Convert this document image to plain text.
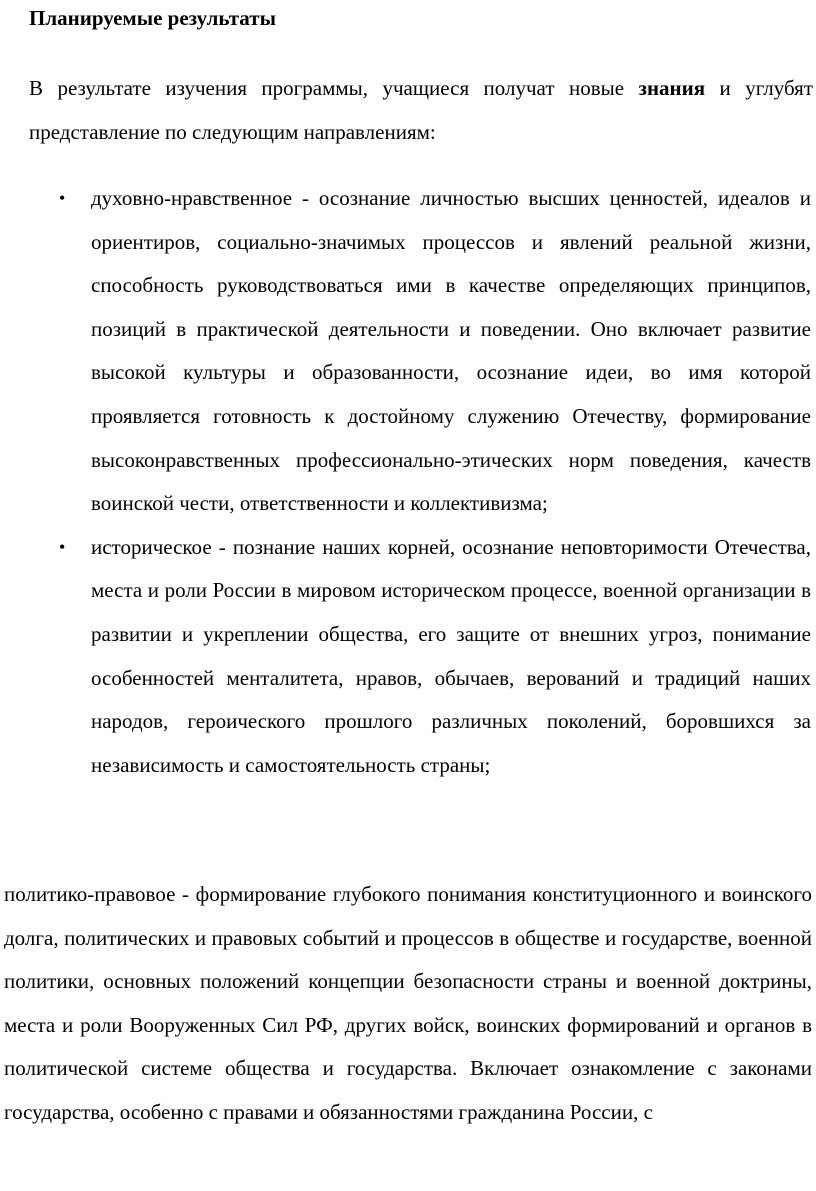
Планируемые результаты

В результате изучения программы, учащиеся получат новые знания и углубят представление по следующим направлениям:

• духовно-нравственное - осознание личностью высших ценностей, идеалов и ориентиров, социально-значимых процессов и явлений реальной жизни, способность руководствоваться ими в качестве определяющих принципов, позиций в практической деятельности и поведении. Оно включает развитие высокой культуры и образованности, осознание идеи, во имя которой проявляется готовность к достойному служению Отечеству, формирование высоконравственных профессионально-этических норм поведения, качеств воинской чести, ответственности и коллективизма;
• историческое - познание наших корней, осознание неповторимости Отечества, места и роли России в мировом историческом процессе, военной организации в развитии и укреплении общества, его защите от внешних угроз, понимание особенностей менталитета, нравов, обычаев, верований и традиций наших народов, героического прошлого различных поколений, боровшихся за независимость и самостоятельность страны;

политико-правовое - формирование глубокого понимания конституционного и воинского долга, политических и правовых событий и процессов в обществе и государстве, военной политики, основных положений концепции безопасности страны и военной доктрины, места и роли Вооруженных Сил РФ, других войск, воинских формирований и органов в политической системе общества и государства. Включает ознакомление с законами государства, особенно с правами и обязанностями гражданина России, с
